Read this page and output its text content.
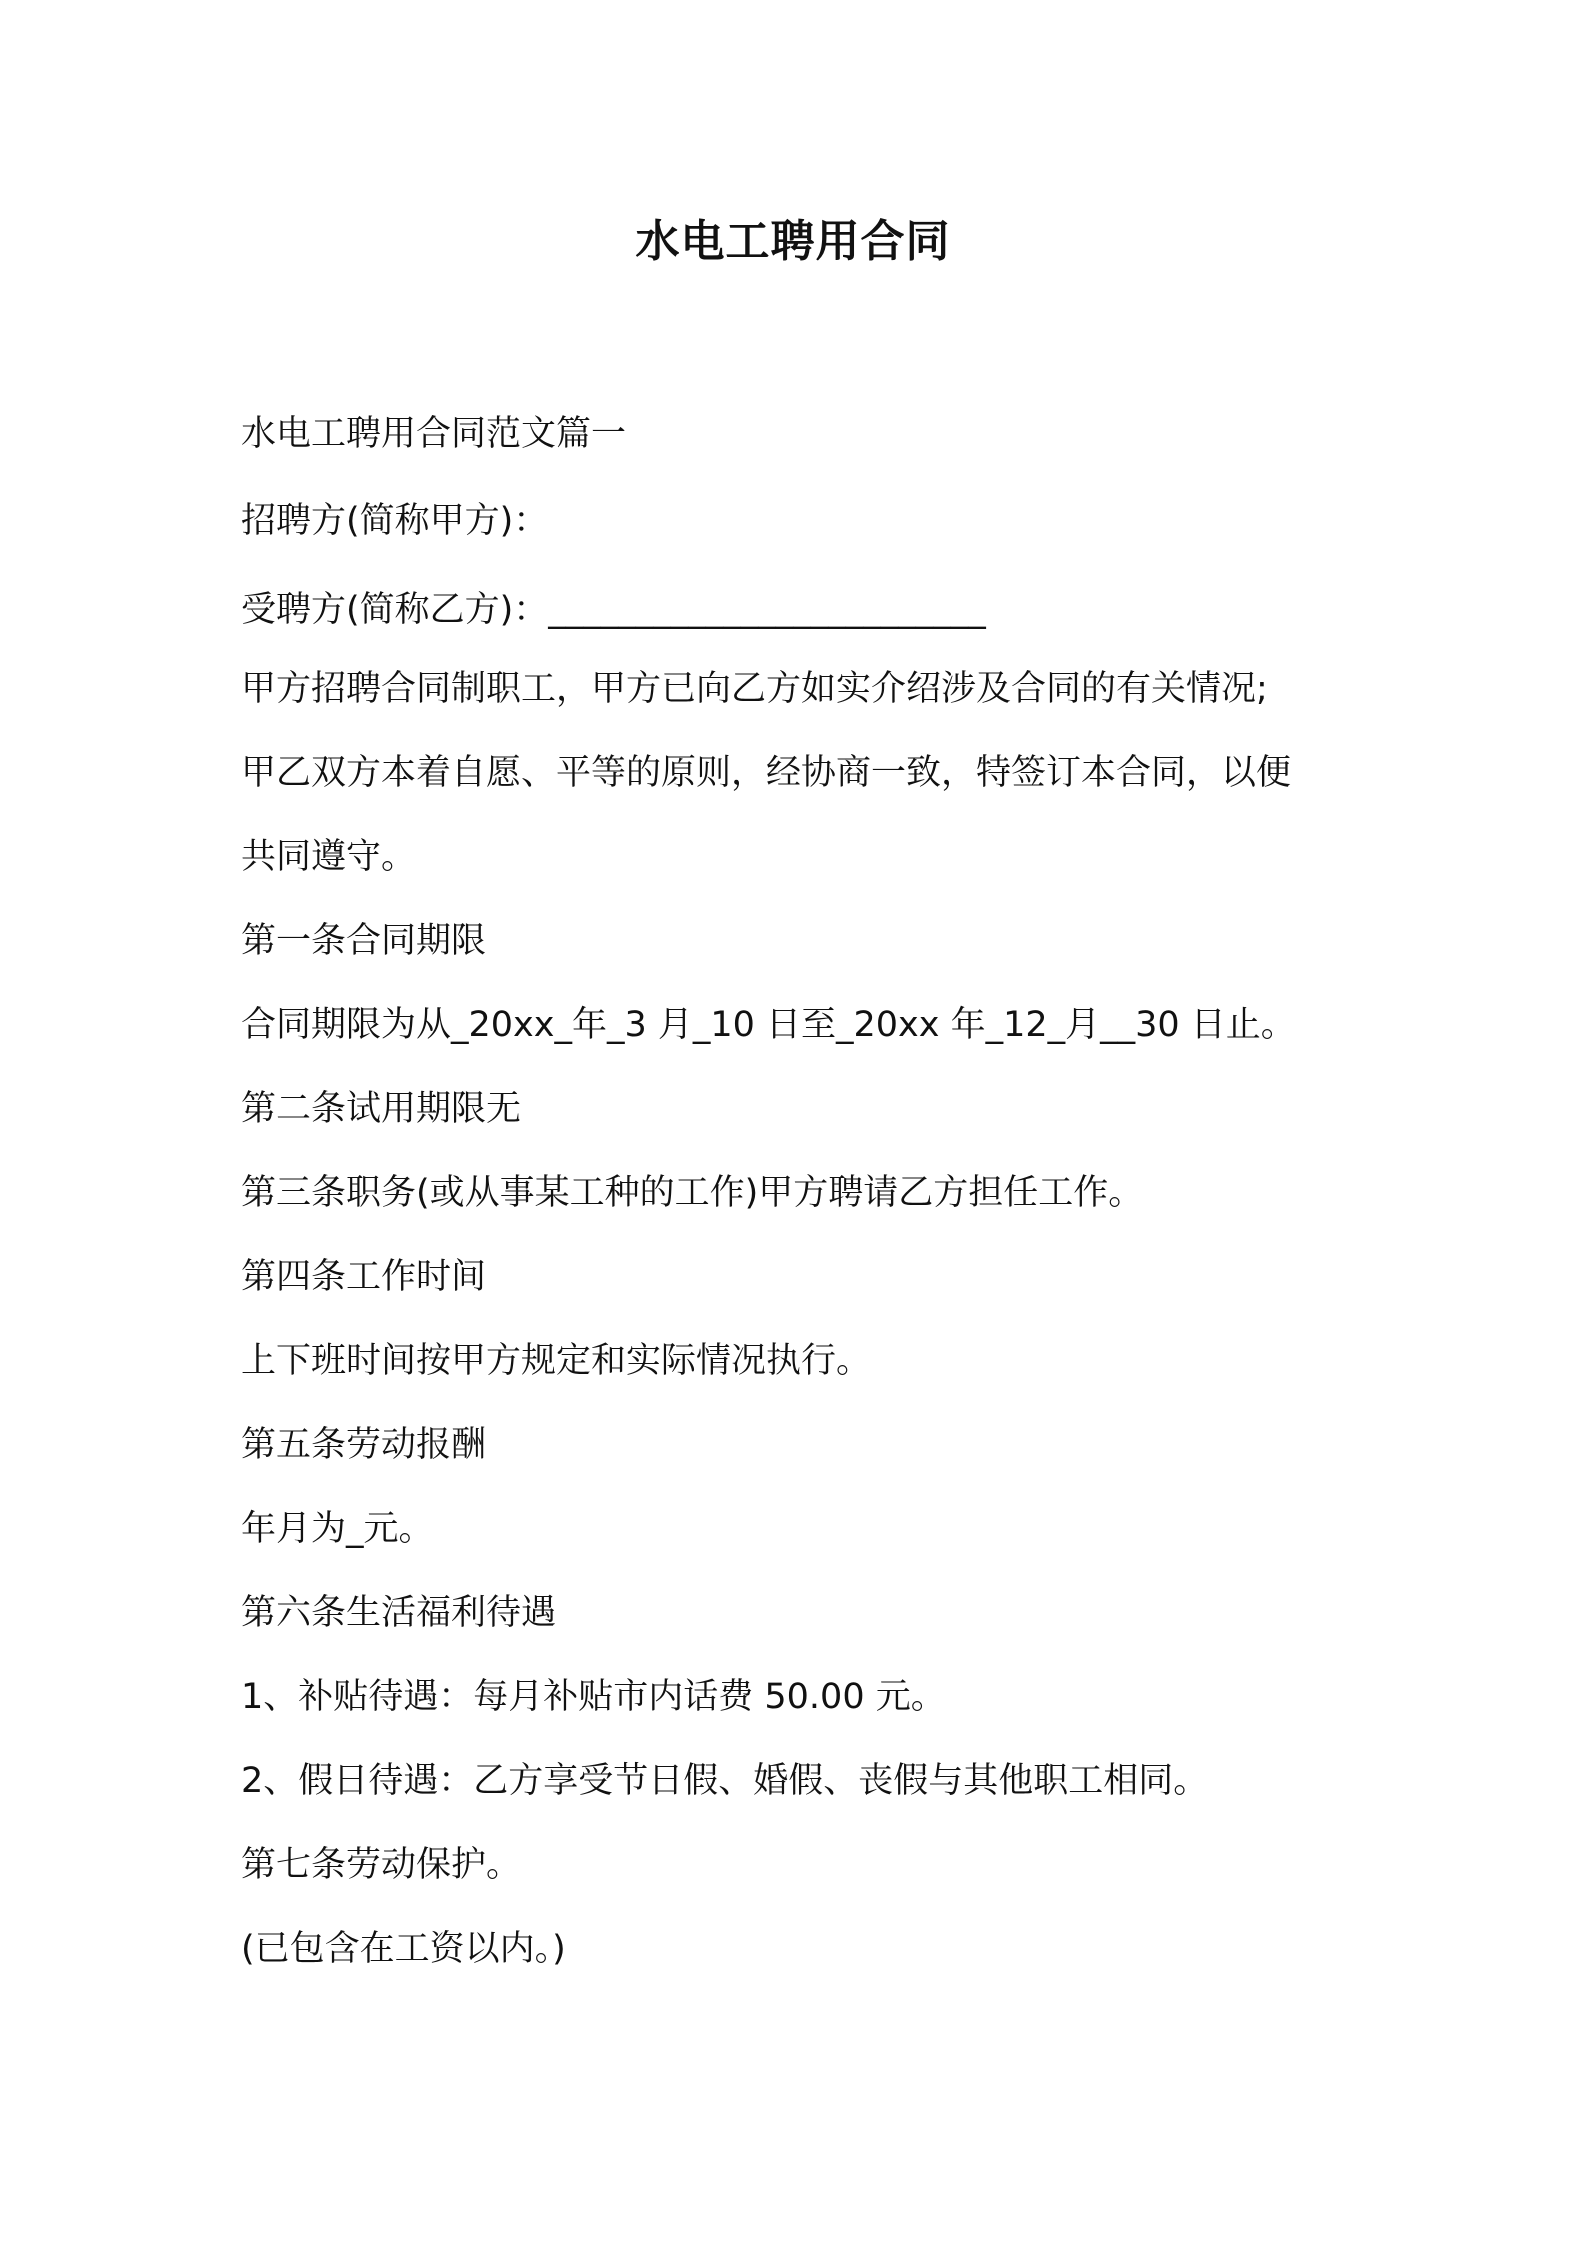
水电工聘用合同

水电工聘用合同范文篇一

招聘方(简称甲方)：

受聘方(简称乙方)：_________________________

甲方招聘合同制职工，甲方已向乙方如实介绍涉及合同的有关情况;

甲乙双方本着自愿、平等的原则，经协商一致，特签订本合同，以便

共同遵守。

第一条合同期限

合同期限为从_20xx_年_3 月_10 日至_20xx 年_12_月__30 日止。

第二条试用期限无

第三条职务(或从事某工种的工作)甲方聘请乙方担任工作。

第四条工作时间

上下班时间按甲方规定和实际情况执行。

第五条劳动报酬

年月为_元。

第六条生活福利待遇

1、补贴待遇：每月补贴市内话费 50.00 元。

2、假日待遇：乙方享受节日假、婚假、丧假与其他职工相同。

第七条劳动保护。

(已包含在工资以内。)
